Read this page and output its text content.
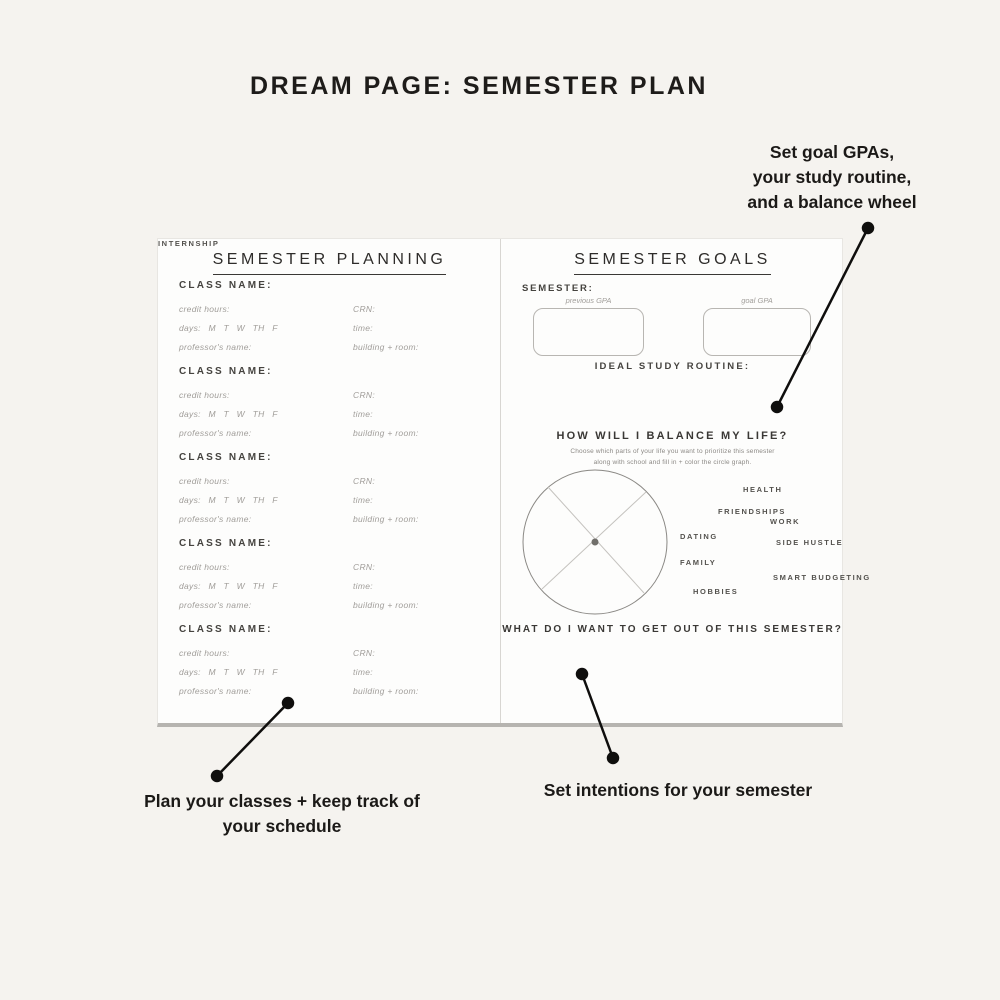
DREAM PAGE: SEMESTER PLAN
Set goal GPAs,
your study routine,
and a balance wheel
Plan your classes + keep track of
your schedule
Set intentions for your semester
SEMESTER PLANNING
CLASS NAME:
credit hours:	CRN:
days: M T W TH F	time:
professor's name:	building + room:
CLASS NAME:
credit hours:	CRN:
days: M T W TH F	time:
professor's name:	building + room:
CLASS NAME:
credit hours:	CRN:
days: M T W TH F	time:
professor's name:	building + room:
CLASS NAME:
credit hours:	CRN:
days: M T W TH F	time:
professor's name:	building + room:
CLASS NAME:
credit hours:	CRN:
days: M T W TH F	time:
professor's name:	building + room:
SEMESTER GOALS
SEMESTER:
previous GPA	goal GPA
IDEAL STUDY ROUTINE:
HOW WILL I BALANCE MY LIFE?
Choose which parts of your life you want to prioritize this semester
along with school and fill in + color the circle graph.
HEALTH
FRIENDSHIPS
WORK
DATING
SIDE HUSTLE
FAMILY
SMART BUDGETING
HOBBIES
INTERNSHIP
WHAT DO I WANT TO GET OUT OF THIS SEMESTER?
